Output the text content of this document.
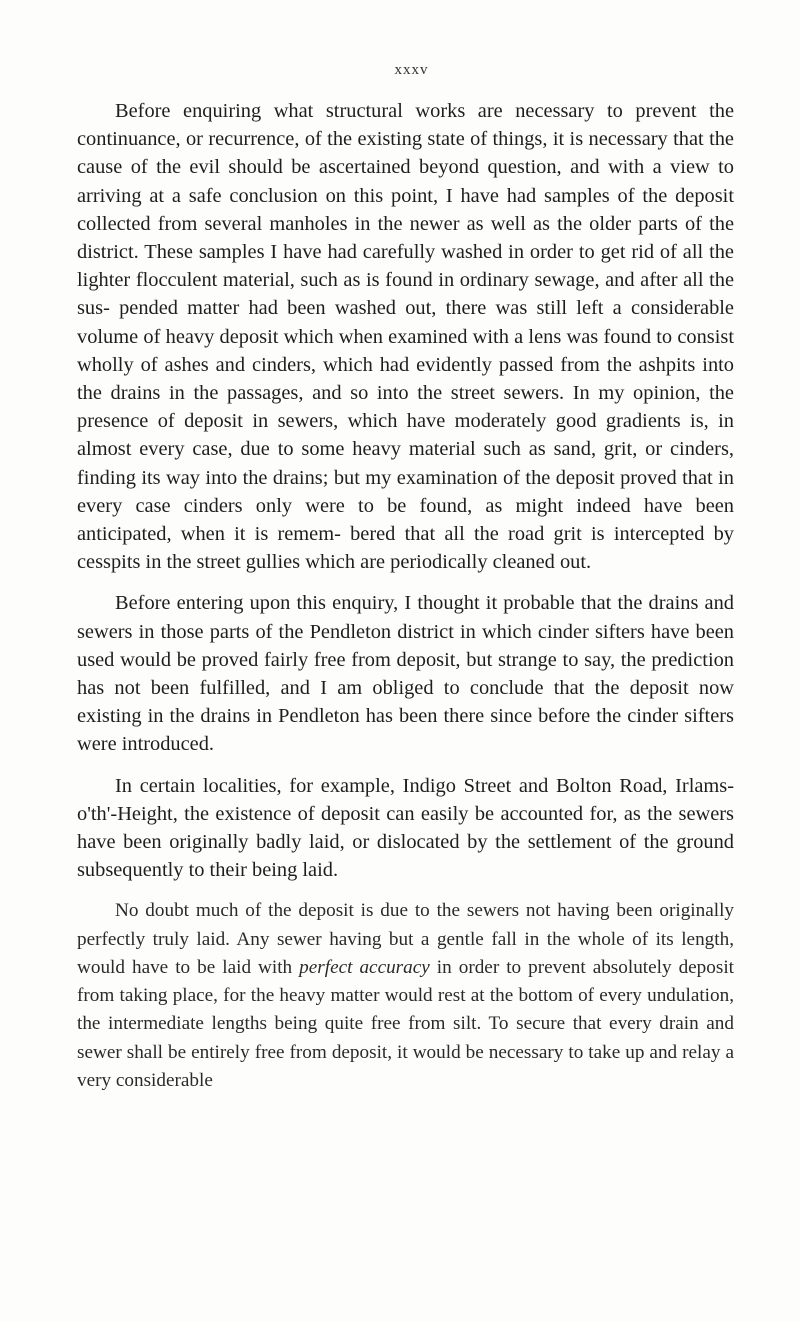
xxxv

Before enquiring what structural works are necessary to prevent the continuance, or recurrence, of the existing state of things, it is necessary that the cause of the evil should be ascertained beyond question, and with a view to arriving at a safe conclusion on this point, I have had samples of the deposit collected from several manholes in the newer as well as the older parts of the district. These samples I have had carefully washed in order to get rid of all the lighter flocculent material, such as is found in ordinary sewage, and after all the sus- pended matter had been washed out, there was still left a considerable volume of heavy deposit which when examined with a lens was found to consist wholly of ashes and cinders, which had evidently passed from the ashpits into the drains in the passages, and so into the street sewers. In my opinion, the presence of deposit in sewers, which have moderately good gradients is, in almost every case, due to some heavy material such as sand, grit, or cinders, finding its way into the drains; but my examination of the deposit proved that in every case cinders only were to be found, as might indeed have been anticipated, when it is remem- bered that all the road grit is intercepted by cesspits in the street gullies which are periodically cleaned out.

Before entering upon this enquiry, I thought it probable that the drains and sewers in those parts of the Pendleton district in which cinder sifters have been used would be proved fairly free from deposit, but strange to say, the prediction has not been fulfilled, and I am obliged to conclude that the deposit now existing in the drains in Pendleton has been there since before the cinder sifters were introduced.

In certain localities, for example, Indigo Street and Bolton Road, Irlams-o'th'-Height, the existence of deposit can easily be accounted for, as the sewers have been originally badly laid, or dislocated by the settlement of the ground subsequently to their being laid.

No doubt much of the deposit is due to the sewers not having been originally perfectly truly laid. Any sewer having but a gentle fall in the whole of its length, would have to be laid with perfect accuracy in order to prevent absolutely deposit from taking place, for the heavy matter would rest at the bottom of every undulation, the intermediate lengths being quite free from silt. To secure that every drain and sewer shall be entirely free from deposit, it would be necessary to take up and relay a very considerable
